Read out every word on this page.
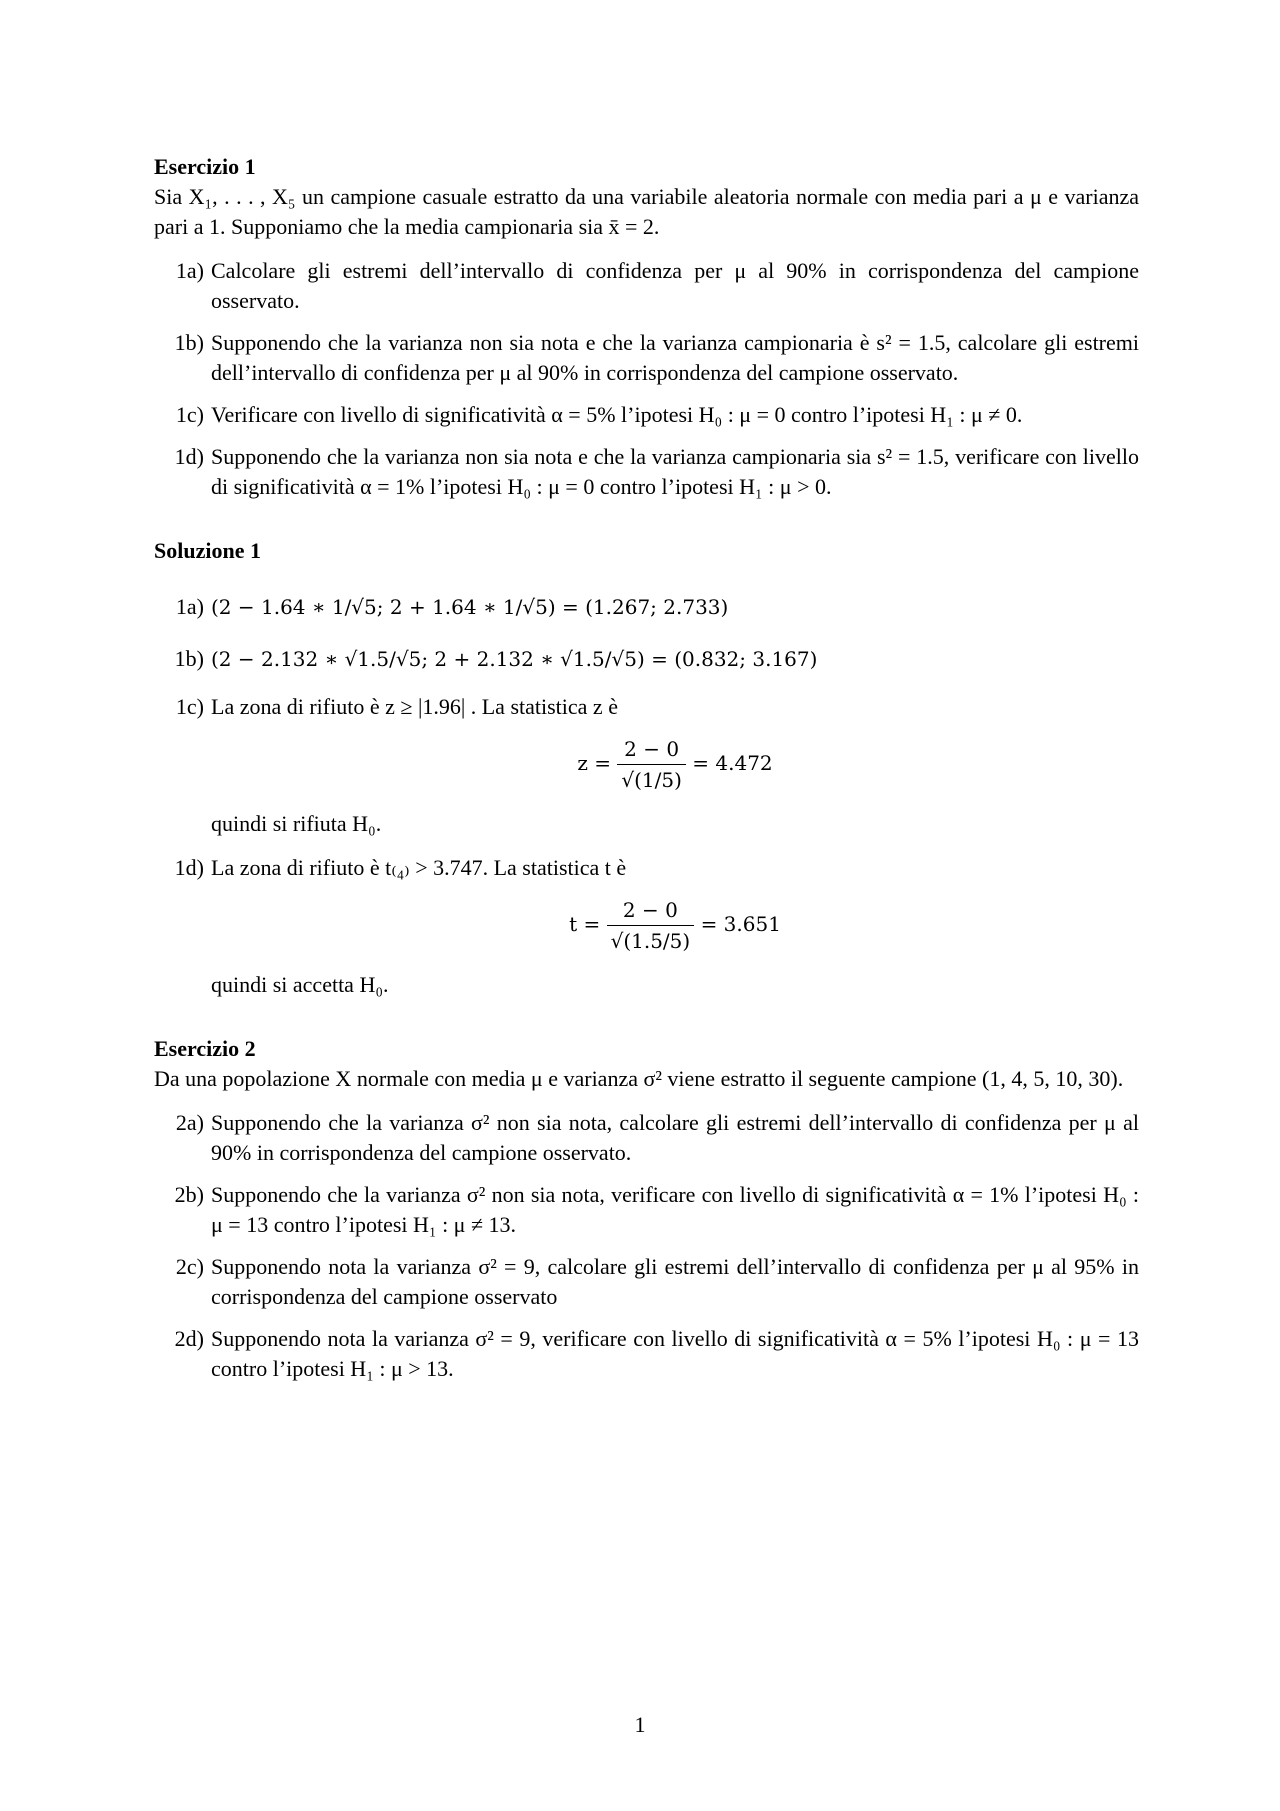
Esercizio 1
Sia X₁, . . . , X₅ un campione casuale estratto da una variabile aleatoria normale con media pari a μ e varianza pari a 1. Supponiamo che la media campionaria sia x̄ = 2.
1a) Calcolare gli estremi dell’intervallo di confidenza per μ al 90% in corrispondenza del campione osservato.
1b) Supponendo che la varianza non sia nota e che la varianza campionaria è s² = 1.5, calcolare gli estremi dell’intervallo di confidenza per μ al 90% in corrispondenza del campione osservato.
1c) Verificare con livello di significatività α = 5% l’ipotesi H₀ : μ = 0 contro l’ipotesi H₁ : μ ≠ 0.
1d) Supponendo che la varianza non sia nota e che la varianza campionaria sia s² = 1.5, verificare con livello di significatività α = 1% l’ipotesi H₀ : μ = 0 contro l’ipotesi H₁ : μ > 0.
Soluzione 1
1a) (2 − 1.64 ∗ 1/√5; 2 + 1.64 ∗ 1/√5) = (1.267; 2.733)
1b) (2 − 2.132 ∗ √1.5/√5; 2 + 2.132 ∗ √1.5/√5) = (0.832; 3.167)
1c) La zona di rifiuto è z ≥ |1.96| . La statistica z è
$z = \frac{2 - 0}{√(1/5)} = 4.472$
quindi si rifiuta H₀.
1d) La zona di rifiuto è t₍₄₎ > 3.747. La statistica t è
$t = \frac{2 - 0}{√(1.5/5)} = 3.651$
quindi si accetta H₀.
Esercizio 2
Da una popolazione X normale con media μ e varianza σ² viene estratto il seguente campione (1, 4, 5, 10, 30).
2a) Supponendo che la varianza σ² non sia nota, calcolare gli estremi dell’intervallo di confidenza per μ al 90% in corrispondenza del campione osservato.
2b) Supponendo che la varianza σ² non sia nota, verificare con livello di significatività α = 1% l’ipotesi H₀ : μ = 13 contro l’ipotesi H₁ : μ ≠ 13.
2c) Supponendo nota la varianza σ² = 9, calcolare gli estremi dell’intervallo di confidenza per μ al 95% in corrispondenza del campione osservato
2d) Supponendo nota la varianza σ² = 9, verificare con livello di significatività α = 5% l’ipotesi H₀ : μ = 13 contro l’ipotesi H₁ : μ > 13.
1
